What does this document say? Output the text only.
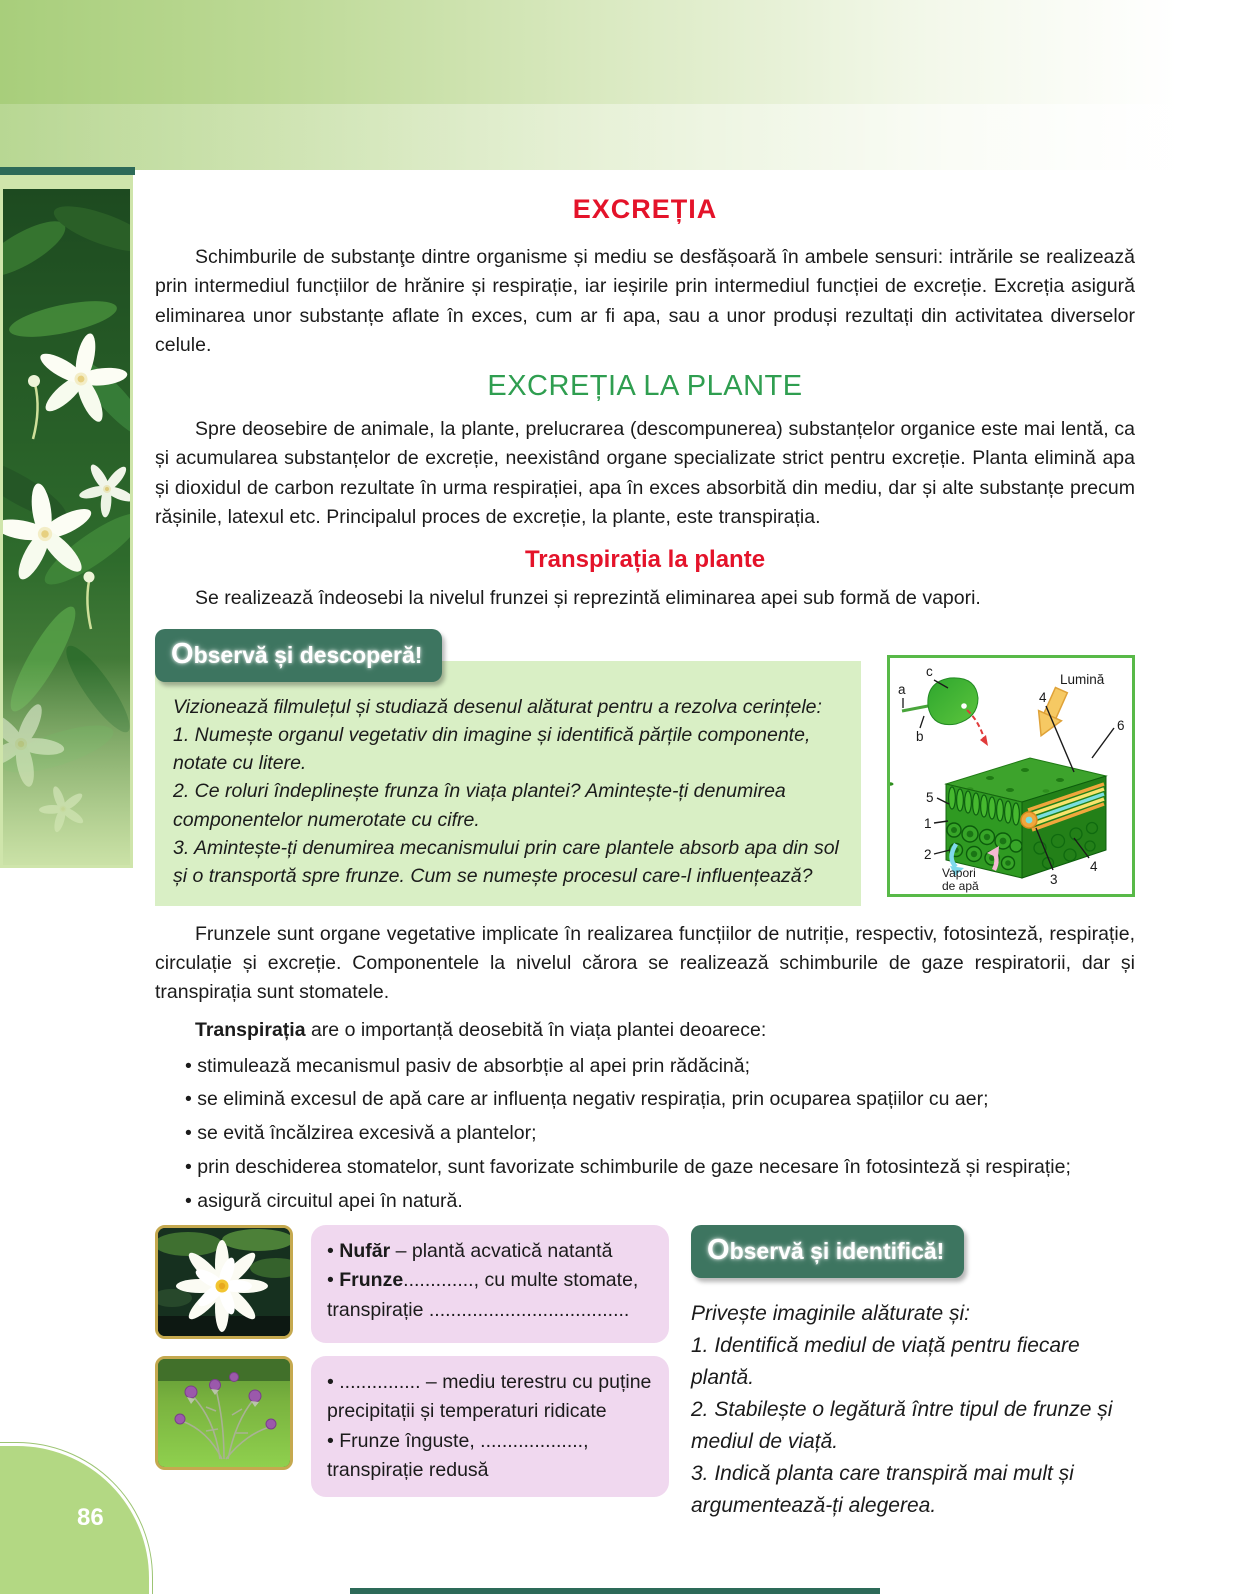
86
EXCREȚIA

Schimburile de substanţe dintre organisme și mediu se desfășoară în ambele sensuri: intrările se realizează prin intermediul funcțiilor de hrănire și respirație, iar ieșirile prin intermediul funcției de excreție. Excreția asigură eliminarea unor substanțe aflate în exces, cum ar fi apa, sau a unor produși rezultați din activitatea diverselor celule.

EXCREȚIA LA PLANTE

Spre deosebire de animale, la plante, prelucrarea (descompunerea) substanțelor organice este mai lentă, ca și acumularea substanțelor de excreție, neexistând organe specializate strict pentru excreție. Planta elimină apa și dioxidul de carbon rezultate în urma respirației, apa în exces absorbită din mediu, dar și alte substanțe precum rășinile, latexul etc. Principalul proces de excreție, la plante, este transpirația.

Transpirația la plante

Se realizează îndeosebi la nivelul frunzei și reprezintă eliminarea apei sub formă de vapori.

Observă și descoperă!

Vizionează filmulețul și studiază desenul alăturat pentru a rezolva cerințele:

1. Numește organul vegetativ din imagine și identifică părțile componente, notate cu litere.

2. Ce roluri îndeplinește frunza în viața plantei? Amintește-ți denumirea componentelor numerotate cu cifre.

3. Amintește-ți denumirea mecanismului prin care plantele absorb apa din sol și o transportă spre frunze. Cum se numește procesul care-l influențează?

a
b
c
Lumină
4
6
5
1
2
3
4
Vapori
de apă

Frunzele sunt organe vegetative implicate în realizarea funcțiilor de nutriție, respectiv, fotosinteză, respirație, circulație și excreție. Componentele la nivelul cărora se realizează schimburile de gaze respiratorii, dar și transpirația sunt stomatele.

Transpirația are o importanță deosebită în viața plantei deoarece:

• stimulează mecanismul pasiv de absorbție al apei prin rădăcină;
• se elimină excesul de apă care ar influența negativ respirația, prin ocuparea spațiilor cu aer;
• se evită încălzirea excesivă a plantelor;
• prin deschiderea stomatelor, sunt favorizate schimburile de gaze necesare în fotosinteză și respirație;
• asigură circuitul apei în natură.

• Nufăr – plantă acvatică natantă

• Frunze............., cu multe stomate, transpirație .....................................

• ............... – mediu terestru cu puține precipitații și temperaturi ridicate

• Frunze înguste, ..................., transpirație redusă

Observă și identifică!

Privește imaginile alăturate și:

1. Identifică mediul de viață pentru fiecare plantă.

2. Stabilește o legătură între tipul de frunze și mediul de viață.

3. Indică planta care transpiră mai mult și argumentează-ți alegerea.
